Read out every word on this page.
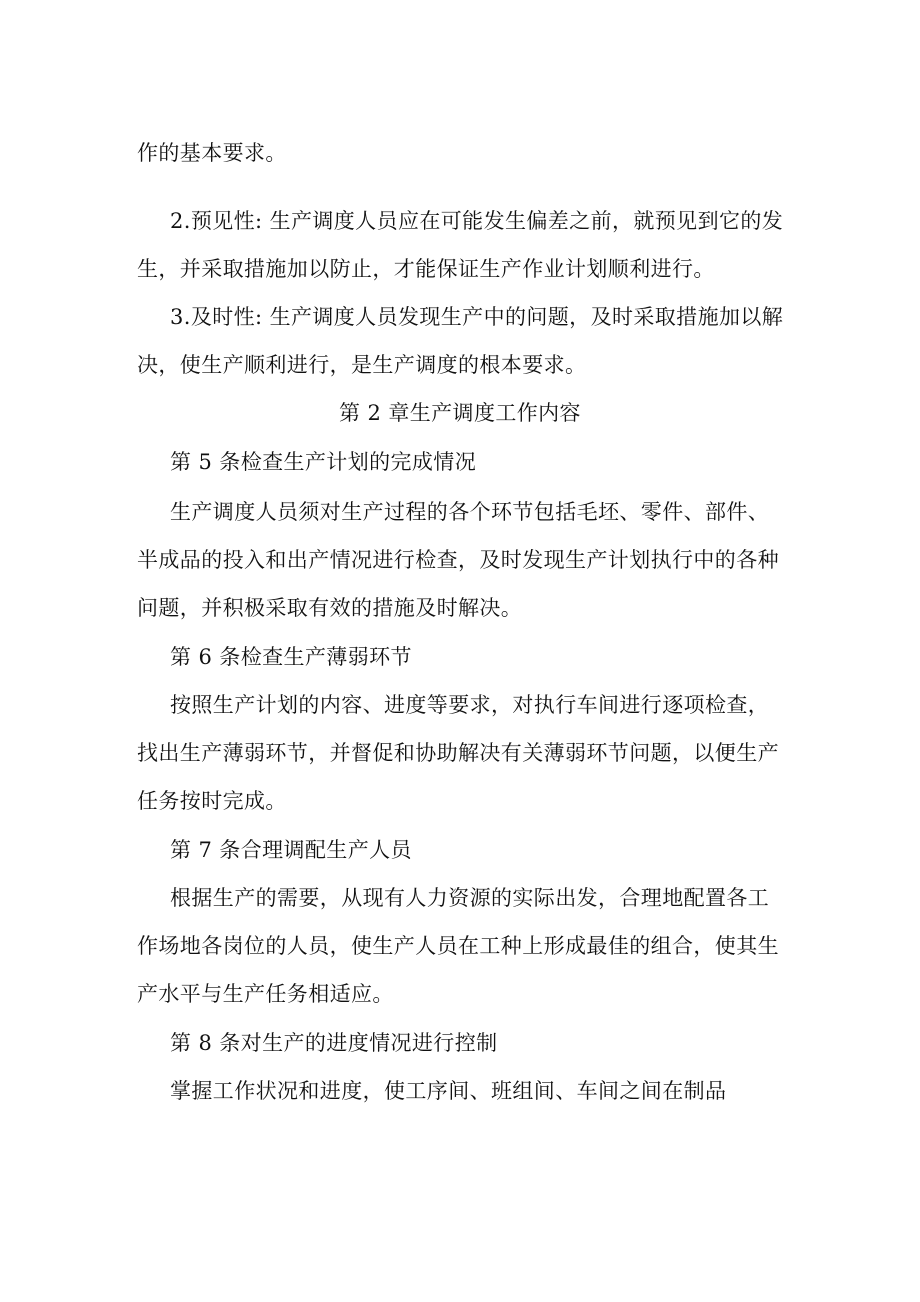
作的基本要求。
2.预见性: 生产调度人员应在可能发生偏差之前，就预见到它的发
生，并采取措施加以防止，才能保证生产作业计划顺利进行。
3.及时性: 生产调度人员发现生产中的问题，及时采取措施加以解
决，使生产顺利进行，是生产调度的根本要求。
第 2 章生产调度工作内容
第 5 条检查生产计划的完成情况
生产调度人员须对生产过程的各个环节包括毛坯、零件、部件、
半成品的投入和出产情况进行检查，及时发现生产计划执行中的各种
问题，并积极采取有效的措施及时解决。
第 6 条检查生产薄弱环节
按照生产计划的内容、进度等要求，对执行车间进行逐项检查，
找出生产薄弱环节，并督促和协助解决有关薄弱环节问题，以便生产
任务按时完成。
第 7 条合理调配生产人员
根据生产的需要，从现有人力资源的实际出发，合理地配置各工
作场地各岗位的人员，使生产人员在工种上形成最佳的组合，使其生
产水平与生产任务相适应。
第 8 条对生产的进度情况进行控制
掌握工作状况和进度，使工序间、班组间、车间之间在制品
